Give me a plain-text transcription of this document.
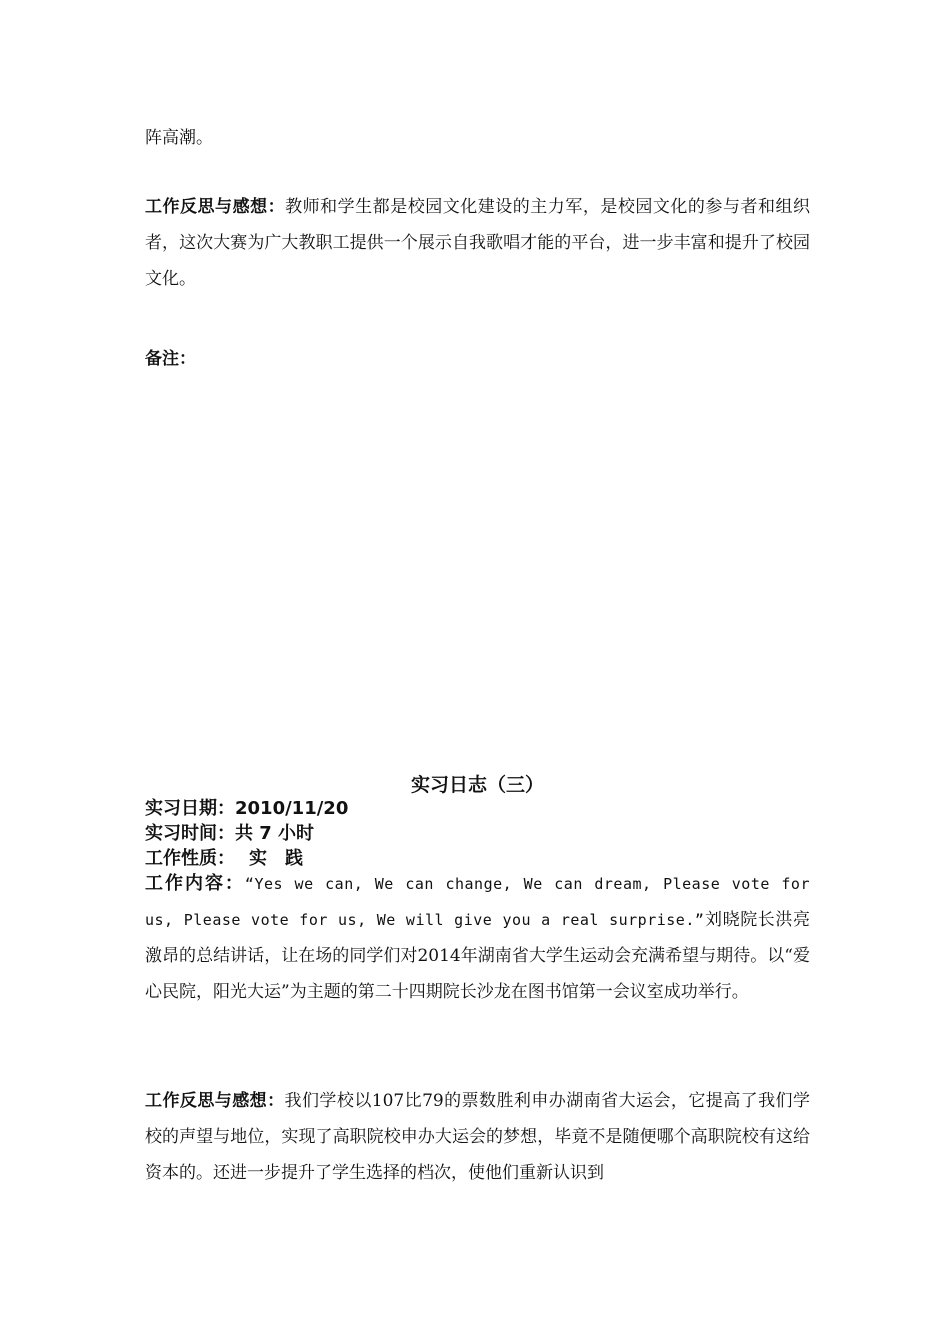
阵高潮。
工作反思与感想：教师和学生都是校园文化建设的主力军，是校园文化的参与者和组织者，这次大赛为广大教职工提供一个展示自我歌唱才能的平台，进一步丰富和提升了校园文化。
备注：
实习日志（三）
实习日期：2010/11/20
实习时间：共 7 小时
工作性质： 实　践
工作内容：“Yes we can, We can change, We can dream, Please vote for us, Please vote for us, We will give you a real surprise.”刘晓院长洪亮激昂的总结讲话，让在场的同学们对2014年湖南省大学生运动会充满希望与期待。以“爱心民院，阳光大运”为主题的第二十四期院长沙龙在图书馆第一会议室成功举行。
工作反思与感想：我们学校以107比79的票数胜利申办湖南省大运会，它提高了我们学校的声望与地位，实现了高职院校申办大运会的梦想，毕竟不是随便哪个高职院校有这给资本的。还进一步提升了学生选择的档次，使他们重新认识到
